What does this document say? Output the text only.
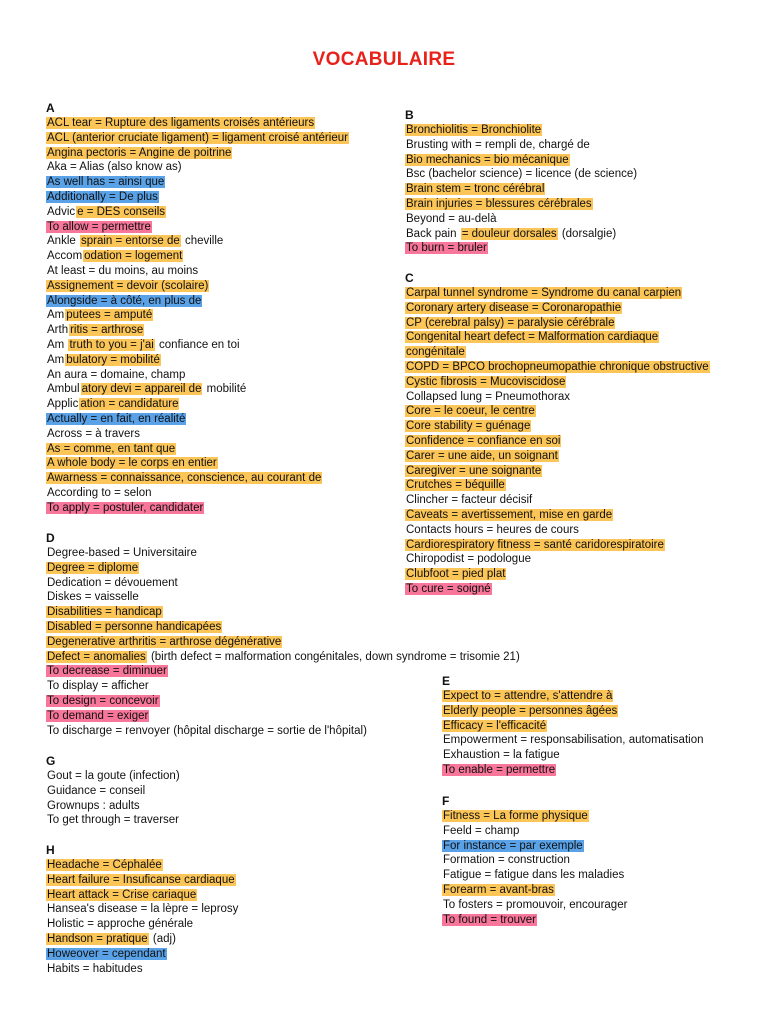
VOCABULAIRE
A
ACL tear = Rupture des ligaments croisés antérieurs
ACL (anterior cruciate ligament) = ligament croisé antérieur
Angina pectoris = Angine de poitrine
Aka = Alias (also know as)
As well has = ainsi que
Additionally = De plus
Advic e = DES conseils
To allow = permettre
Ankle sprain = entorse de cheville
Accom odation = logement
At least = du moins, au moins
Assignement = devoir (scolaire)
Alongside = à côté, en plus de
Am putees = amputé
Arth ritis = arthrose
Am truth to you = j'ai confiance en toi
Am bulatory = mobilité
An aura = domaine, champ
Ambul atory devi = appareil de mobilité
Applic ation = candidature
Actually = en fait, en réalité
Across = à travers
As = comme, en tant que
A whole body = le corps en entier
Awarness = connaissance, conscience, au courant de
According to = selon
To apply = postuler, candidater
B
Bronchiolitis = Bronchiolite
Brusting with = rempli de, chargé de
Bio mechanics = bio mécanique
Bsc (bachelor science) = licence (de science)
Brain stem = tronc cérébral
Brain injuries = blessures cérébrales
Beyond = au-delà
Back pain = douleur dorsales (dorsalgie)
To burn = bruler
C
Carpal tunnel syndrome = Syndrome du canal carpien
Coronary artery disease = Coronaropathie
CP (cerebral palsy) = paralysie cérébrale
Congenital heart defect = Malformation cardiaque
congénitale
COPD = BPCO brochopneumopathie chronique obstructive
Cystic fibrosis = Mucoviscidose
Collapsed lung = Pneumothorax
Core = le coeur, le centre
Core stability = guénage
Confidence = confiance en soi
Carer = une aide, un soignant
Caregiver = une soignante
Crutches = béquille
Clincher = facteur décisif
Caveats = avertissement, mise en garde
Contacts hours = heures de cours
Cardiorespiratory fitness = santé caridorespiratoire
Chiropodist = podologue
Clubfoot = pied plat
To cure = soigné
D
Degree-based = Universitaire
Degree = diplome
Dedication = dévouement
Diskes = vaisselle
Disabilities = handicap
Disabled = personne handicapées
Degenerative arthritis = arthrose dégénérative
Defect = anomalies (birth defect = malformation congénitales, down syndrome = trisomie 21)
To decrease = diminuer
To display = afficher
To design = concevoir
To demand = exiger
To discharge = renvoyer (hôpital discharge = sortie de l'hôpital)
E
Expect to = attendre, s'attendre à
Elderly people = personnes âgées
Efficacy = l'efficacité
Empowerment = responsabilisation, automatisation
Exhaustion = la fatigue
To enable = permettre
F
Fitness = La forme physique
Feeld = champ
For instance = par exemple
Formation = construction
Fatigue = fatigue dans les maladies
Forearm = avant-bras
To fosters = promouvoir, encourager
To found = trouver
G
Gout = la goute (infection)
Guidance = conseil
Grownups : adults
To get through = traverser
H
Headache = Céphalée
Heart failure = Insuficanse cardiaque
Heart attack = Crise cariaque
Hansea's disease = la lèpre = leprosy
Holistic = approche générale
Handson = pratique (adj)
Howeover = cependant
Habits = habitudes
